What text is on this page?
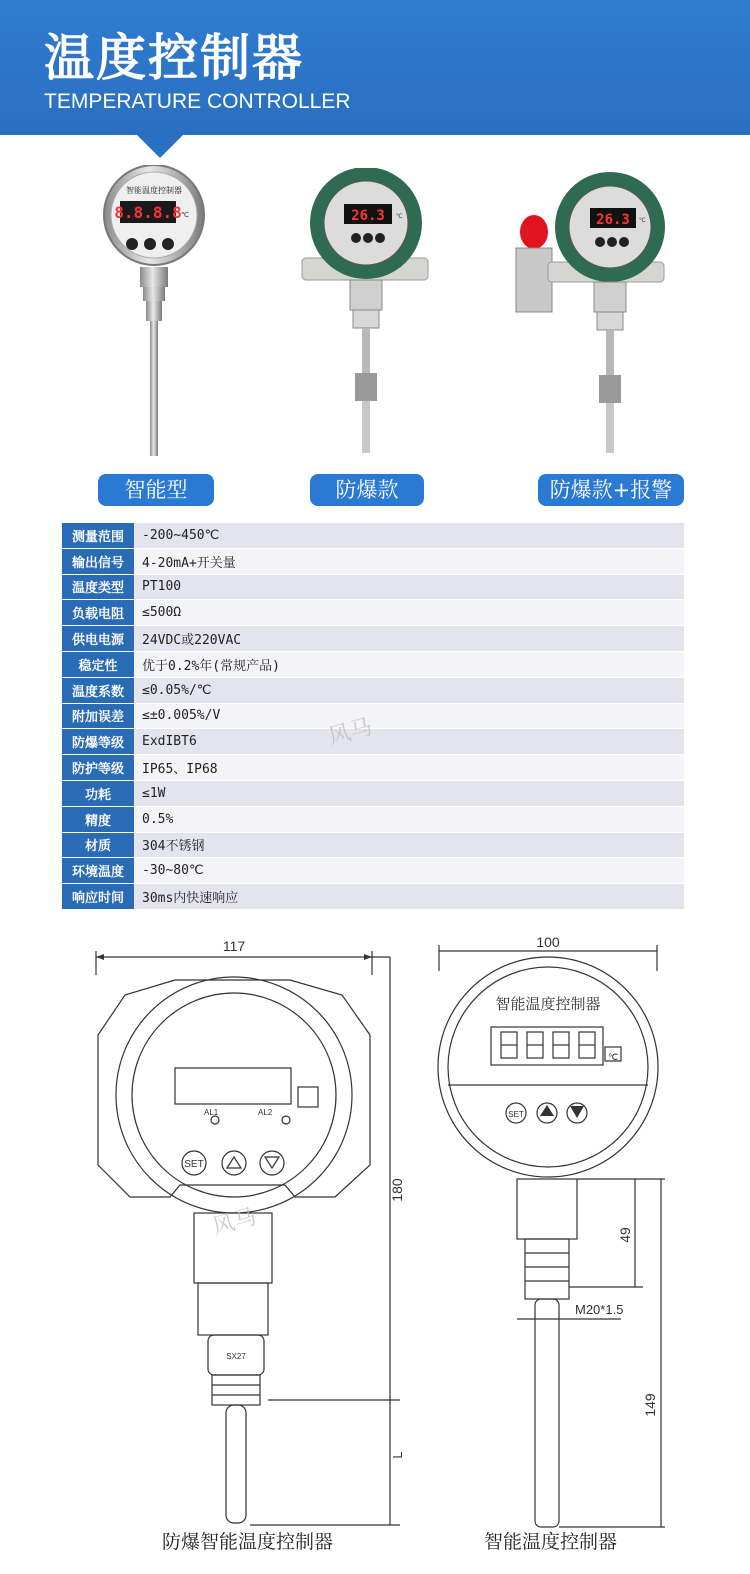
温度控制器
TEMPERATURE CONTROLLER
智能温度控制器
8.8.8.8 ℃
智能型
26.3 ℃
防爆款
26.3 ℃
防爆款+报警
测量范围	-200~450℃
输出信号	4-20mA+开关量
温度类型	PT100
负载电阻	≤500Ω
供电电源	24VDC或220VAC
稳定性	优于0.2%年(常规产品)
温度系数	≤0.05%/℃
附加误差	≤±0.005%/V
防爆等级	ExdIBT6
防护等级	IP65、IP68
功耗	≤1W
精度	0.5%
材质	304不锈钢
环境温度	-30~80℃
响应时间	30ms内快速响应
风马
117
AL1	AL2
SET
SX27
180
L
风马
防爆智能温度控制器
100
智能温度控制器
℃
SET
49
149
M20*1.5
智能温度控制器
